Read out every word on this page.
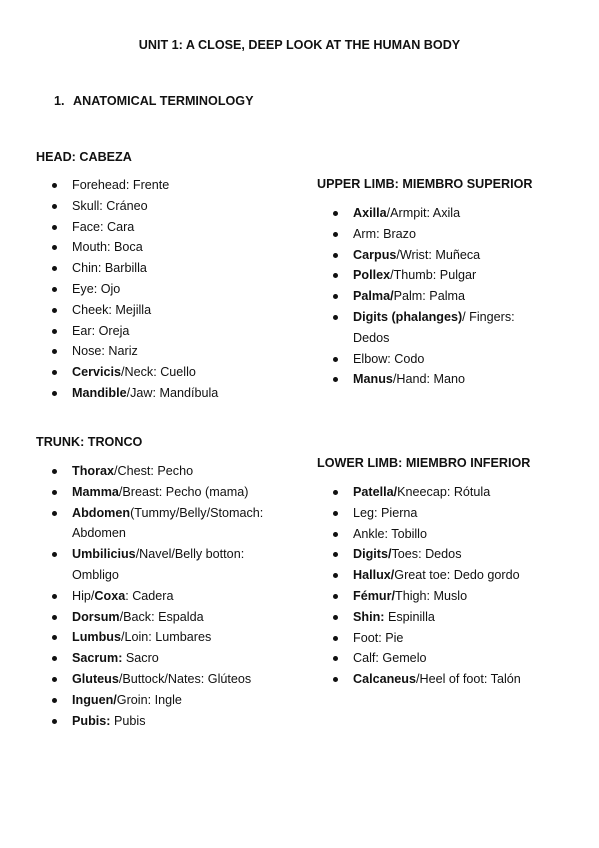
UNIT 1: A CLOSE, DEEP LOOK AT THE HUMAN BODY
1. ANATOMICAL TERMINOLOGY
HEAD: CABEZA
Forehead: Frente
Skull: Cráneo
Face: Cara
Mouth: Boca
Chin: Barbilla
Eye: Ojo
Cheek: Mejilla
Ear: Oreja
Nose: Nariz
Cervicis/Neck: Cuello
Mandible/Jaw: Mandíbula
UPPER LIMB: MIEMBRO SUPERIOR
Axilla/Armpit: Axila
Arm: Brazo
Carpus/Wrist: Muñeca
Pollex/Thumb: Pulgar
Palma/Palm: Palma
Digits (phalanges)/ Fingers: Dedos
Elbow: Codo
Manus/Hand: Mano
TRUNK: TRONCO
Thorax/Chest: Pecho
Mamma/Breast: Pecho (mama)
Abdomen(Tummy/Belly/Stomach: Abdomen
Umbilicius/Navel/Belly botton: Ombligo
Hip/Coxa: Cadera
Dorsum/Back: Espalda
Lumbus/Loin: Lumbares
Sacrum: Sacro
Gluteus/Buttock/Nates: Glúteos
Inguen/Groin: Ingle
Pubis: Pubis
LOWER LIMB: MIEMBRO INFERIOR
Patella/Kneecap: Rótula
Leg: Pierna
Ankle: Tobillo
Digits/Toes: Dedos
Hallux/Great toe: Dedo gordo
Fémur/Thigh: Muslo
Shin: Espinilla
Foot: Pie
Calf: Gemelo
Calcaneus/Heel of foot: Talón
